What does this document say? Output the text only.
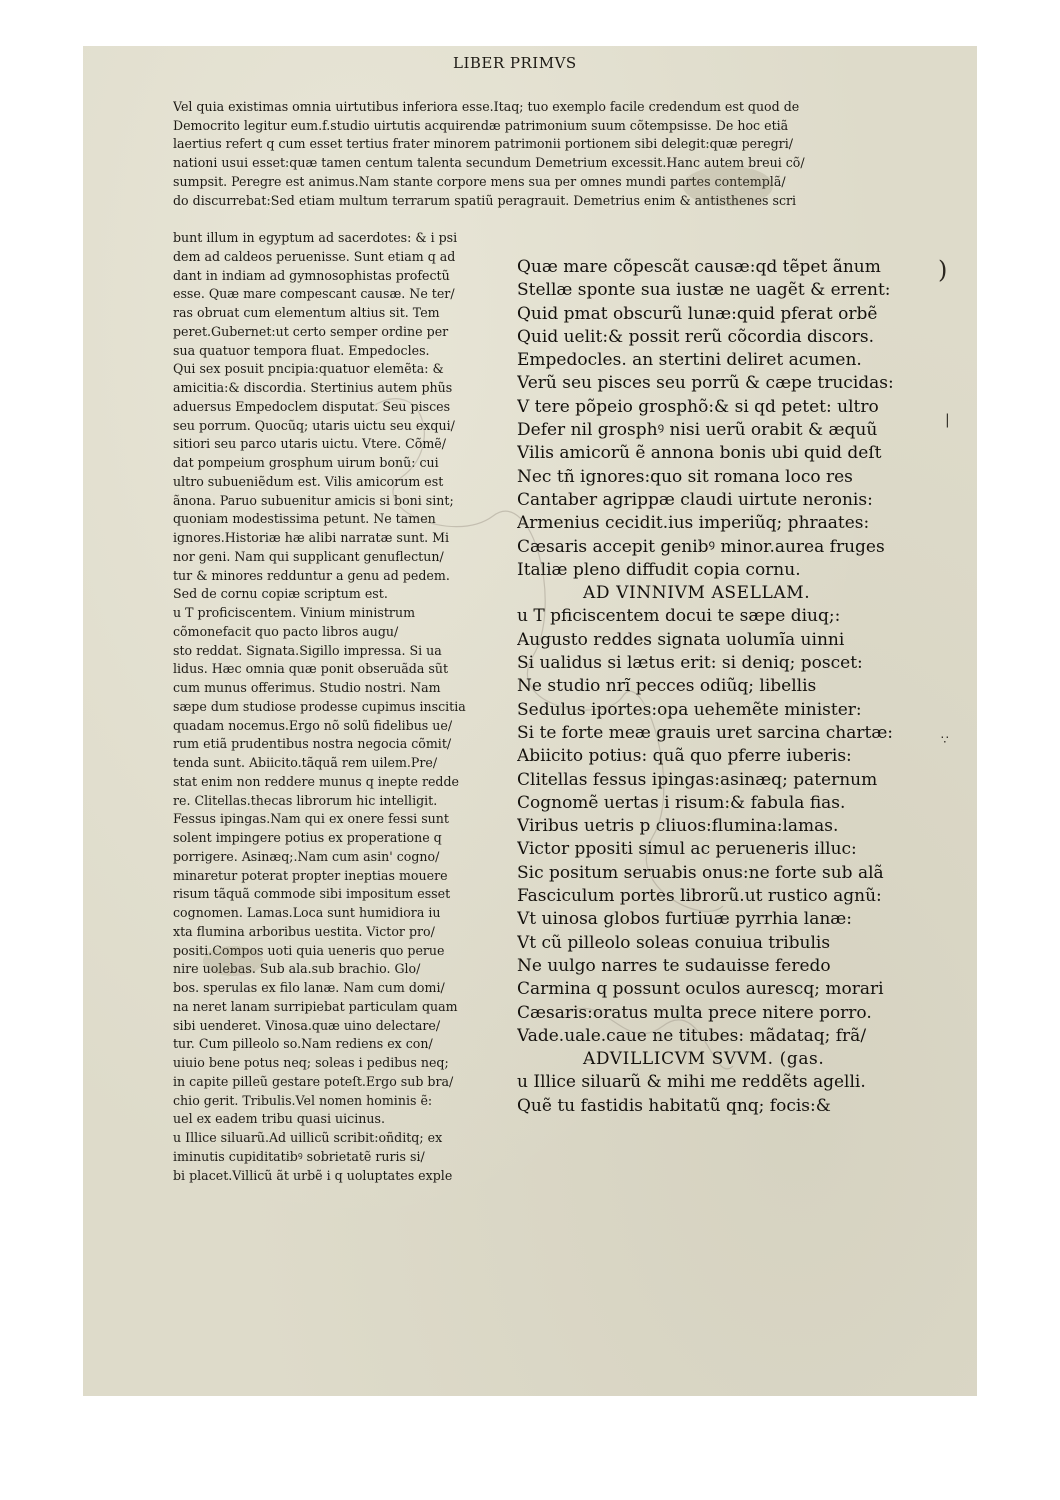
LIBER PRIMVS
Vel quia existimas omnia uirtutibus inferiora esse.Itaq; tuo exemplo facile credendum est quod de
Democrito legitur eum.f.studio uirtutis acquirendæ patrimonium suum cõtempsisse. De hoc etiã
laertius refert q cum esset tertius frater minorem patrimonii portionem sibi delegit:quæ peregri/
nationi usui esset:quæ tamen centum talenta secundum Demetrium excessit.Hanc autem breui cõ/
sumpsit. Peregre est animus.Nam stante corpore mens sua per omnes mundi partes contemplã/
do discurrebat:Sed etiam multum terrarum spatiũ peragrauit. Demetrius enim & antisthenes scri
bunt illum in egyptum ad sacerdotes: & i psi
dem ad caldeos peruenisse. Sunt etiam q ad
dant in indiam ad gymnosophistas profectũ
esse. Quæ mare compescant causæ. Ne ter/
ras obruat cum elementum altius sit. Tem
peret.Gubernet:ut certo semper ordine per
sua quatuor tempora fluat. Empedocles.
Qui sex posuit pncipia:quatuor elemẽta: &
amicitia:& discordia. Stertinius autem phũs
aduersus Empedoclem disputat. Seu pisces
seu porrum. Quocũq; utaris uictu seu exqui/
sitiori seu parco utaris uictu. Vtere. Cõmẽ/
dat pompeium grosphum uirum bonũ: cui
ultro subueniẽdum est. Vilis amicorum est
ãnona. Paruo subuenitur amicis si boni sint;
quoniam modestissima petunt. Ne tamen
ignores.Historiæ hæ alibi narratæ sunt. Mi
nor geni. Nam qui supplicant genuflectun/
tur & minores redduntur a genu ad pedem.
Sed de cornu copiæ scriptum est.
u T proficiscentem. Vinium ministrum
cõmonefacit quo pacto libros augu/
sto reddat. Signata.Sigillo impressa. Si ua
lidus. Hæc omnia quæ ponit obseruãda sũt
cum munus offerimus. Studio nostri. Nam
sæpe dum studiose prodesse cupimus inscitia
quadam nocemus.Ergo nõ solũ fidelibus ue/
rum etiã prudentibus nostra negocia cõmit/
tenda sunt. Abiicito.tãquã rem uilem.Pre/
stat enim non reddere munus q inepte redde
re. Clitellas.thecas librorum hic intelligit.
Fessus ipingas.Nam qui ex onere fessi sunt
solent impingere potius ex properatione q
porrigere. Asinæq;.Nam cum asin' cogno/
minaretur poterat propter ineptias mouere
risum tãquã commode sibi impositum esset
cognomen. Lamas.Loca sunt humidiora iu
xta flumina arboribus uestita. Victor pro/
positi.Compos uoti quia ueneris quo perue
nire uolebas. Sub ala.sub brachio. Glo/
bos. sperulas ex filo lanæ. Nam cum domi/
na neret lanam surripiebat particulam quam
sibi uenderet. Vinosa.quæ uino delectare/
tur. Cum pilleolo so.Nam rediens ex con/
uiuio bene potus neq; soleas i pedibus neq;
in capite pilleũ gestare poteſt.Ergo sub bra/
chio gerit. Tribulis.Vel nomen hominis ẽ:
uel ex eadem tribu quasi uicinus.
u Illice siluarũ.Ad uillicũ scribit:oñditq; ex
iminutis cupiditatibꝰ sobrietatẽ ruris si/
bi placet.Villicũ ãt urbẽ i q uoluptates exple
Quæ mare cõpescãt causæ:qd tẽpet ãnum
Stellæ sponte sua iustæ ne uagẽt & errent:
Quid pmat obscurũ lunæ:quid pferat orbẽ
Quid uelit:& possit rerũ cõcordia discors.
Empedocles. an stertini deliret acumen.
Verũ seu pisces seu porrũ & cæpe trucidas:
V tere põpeio grosphõ:& si qd petet: ultro
Defer nil grosphꝰ nisi uerũ orabit & æquũ
Vilis amicorũ ẽ annona bonis ubi quid deſt
Nec tñ ignores:quo sit romana loco res
Cantaber agrippæ claudi uirtute neronis:
Armenius cecidit.ius imperiũq; phraates:
Cæsaris accepit genibꝰ minor.aurea fruges
Italiæ pleno diffudit copia cornu.
AD VINNIVM ASELLAM.
u T pficiscentem docui te sæpe diuq;:
Augusto reddes signata uolumĩa uinni
Si ualidus si lætus erit: si deniq; poscet:
Ne studio nrĩ pecces odiũq; libellis
Sedulus iportes:opa uehemẽte minister:
Si te forte meæ grauis uret sarcina chartæ:
Abiicito potius: quã quo pferre iuberis:
Clitellas fessus ipingas:asinæq; paternum
Cognomẽ uertas i risum:& fabula fias.
Viribus uetris p cliuos:flumina:lamas.
Victor ppositi simul ac perueneris illuc:
Sic positum seruabis onus:ne forte sub alã
Fasciculum portes librorũ.ut rustico agnũ:
Vt uinosa globos furtiuæ pyrrhia lanæ:
Vt cũ pilleolo soleas conuiua tribulis
Ne uulgo narres te sudauisse feredo
Carmina q possunt oculos aurescq; morari
Cæsaris:oratus multa prece nitere porro.
Vade.uale.caue ne titubes: mãdataq; frã/
ADVILLICVM SVVM. (gas.
u Illice siluarũ & mihi me reddẽts agelli.
Quẽ tu fastidis habitatũ qnq; focis:&
)
|
∵
